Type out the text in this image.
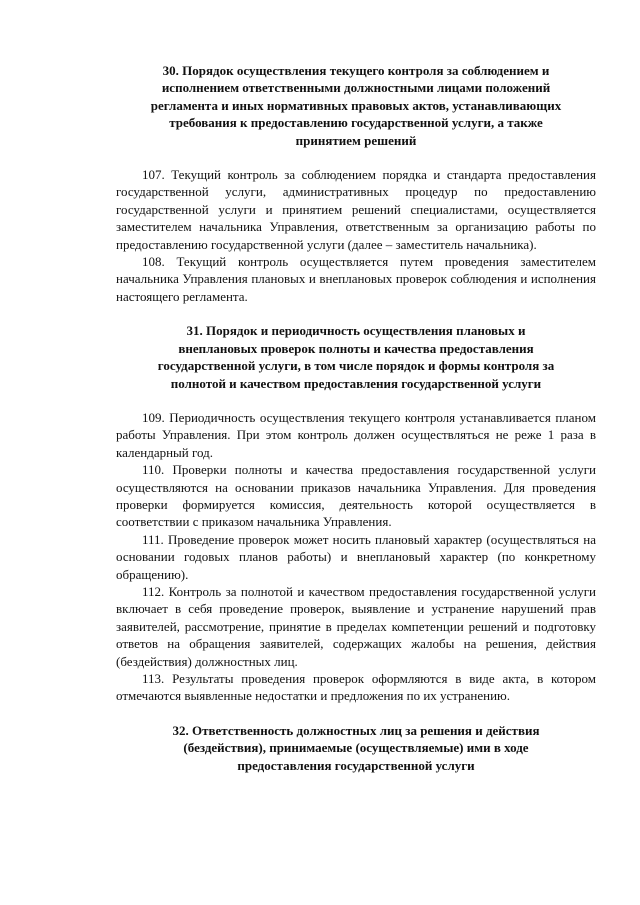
30. Порядок осуществления текущего контроля за соблюдением и
исполнением ответственными должностными лицами положений
регламента и иных нормативных правовых актов, устанавливающих
требования к предоставлению государственной услуги, а также
принятием решений

107. Текущий контроль за соблюдением порядка и стандарта предоставления государственной услуги, административных процедур по предоставлению государственной услуги и принятием решений специалистами, осуществляется заместителем начальника Управления, ответственным за организацию работы по предоставлению государственной услуги (далее – заместитель начальника).

108. Текущий контроль осуществляется путем проведения заместителем начальника Управления плановых и внеплановых проверок соблюдения и исполнения настоящего регламента.

31. Порядок и периодичность осуществления плановых и
внеплановых проверок полноты и качества предоставления
государственной услуги, в том числе порядок и формы контроля за
полнотой и качеством предоставления государственной услуги

109. Периодичность осуществления текущего контроля устанавливается планом работы Управления. При этом контроль должен осуществляться не реже 1 раза в календарный год.

110. Проверки полноты и качества предоставления государственной услуги осуществляются на основании приказов начальника Управления. Для проведения проверки формируется комиссия, деятельность которой осуществляется в соответствии с приказом начальника Управления.

111. Проведение проверок может носить плановый характер (осуществляться на основании годовых планов работы) и внеплановый характер (по конкретному обращению).

112. Контроль за полнотой и качеством предоставления государственной услуги включает в себя проведение проверок, выявление и устранение нарушений прав заявителей, рассмотрение, принятие в пределах компетенции решений и подготовку ответов на обращения заявителей, содержащих жалобы на решения, действия (бездействия) должностных лиц.

113. Результаты проведения проверок оформляются в виде акта, в котором отмечаются выявленные недостатки и предложения по их устранению.

32. Ответственность должностных лиц за решения и действия
(бездействия), принимаемые (осуществляемые) ими в ходе
предоставления государственной услуги
